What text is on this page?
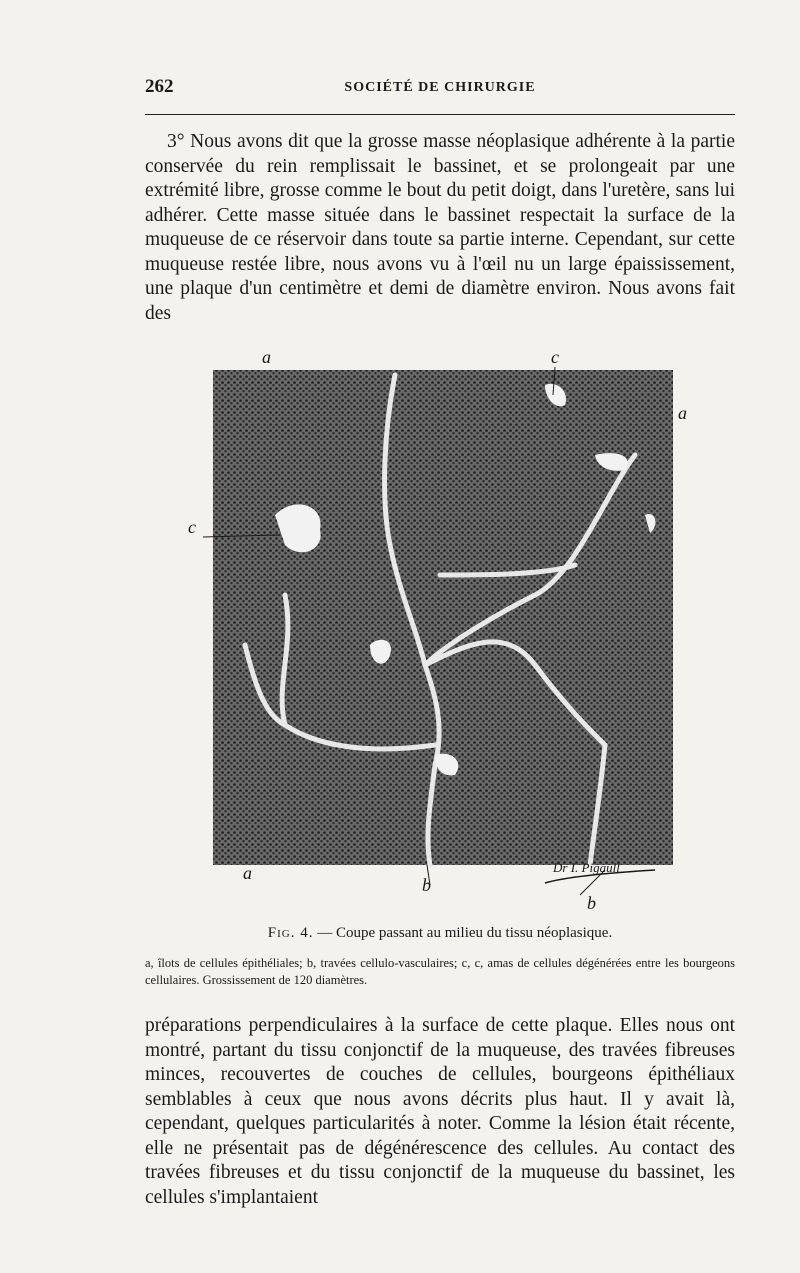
262	SOCIÉTÉ DE CHIRURGIE

3° Nous avons dit que la grosse masse néoplasique adhérente à la partie conservée du rein remplissait le bassinet, et se prolongeait par une extrémité libre, grosse comme le bout du petit doigt, dans l'uretère, sans lui adhérer. Cette masse située dans le bassinet respectait la surface de la muqueuse de ce réservoir dans toute sa partie interne. Cependant, sur cette muqueuse restée libre, nous avons vu à l'œil nu un large épaississement, une plaque d'un centimètre et demi de diamètre environ. Nous avons fait des

a	c
a
c
a
b
b
Dr I. Pigaull
Fig. 4. — Coupe passant au milieu du tissu néoplasique.

a, îlots de cellules épithéliales; b, travées cellulo-vasculaires; c, c, amas de cellules dégénérées entre les bourgeons cellulaires. Grossissement de 120 diamètres.

préparations perpendiculaires à la surface de cette plaque. Elles nous ont montré, partant du tissu conjonctif de la muqueuse, des travées fibreuses minces, recouvertes de couches de cellules, bourgeons épithéliaux semblables à ceux que nous avons décrits plus haut. Il y avait là, cependant, quelques particularités à noter. Comme la lésion était récente, elle ne présentait pas de dégénérescence des cellules. Au contact des travées fibreuses et du tissu conjonctif de la muqueuse du bassinet, les cellules s'implantaient
